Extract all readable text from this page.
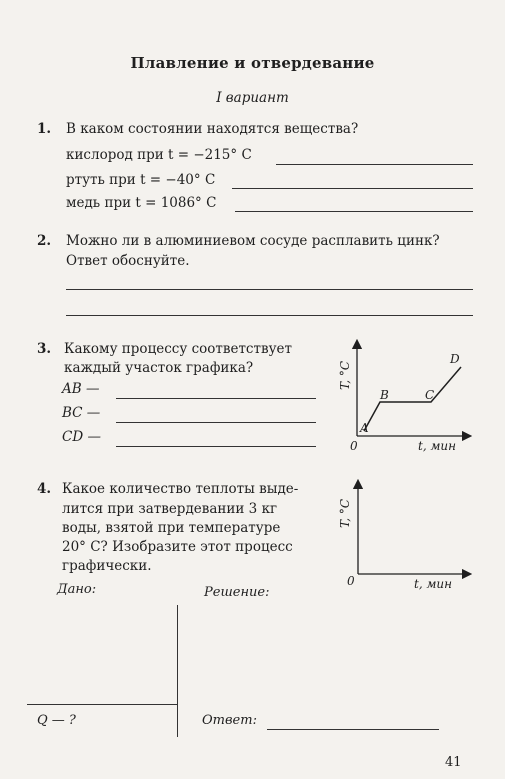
Плавление и отвердевание
I вариант
1. В каком состоянии находятся вещества?
кислород при t = −215° С
ртуть при t = −40° С
медь при t = 1086° С
2. Можно ли в алюминиевом сосуде расплавить цинк?
Ответ обоснуйте.
3. Какому процессу соответствует
каждый участок графика?
AB —
BC —
CD —
T, °C
t, мин
0
A
B	C
D
4. Какое количество теплоты выде-
лится при затвердевании 3 кг
воды, взятой при температуре
20° С? Изобразите этот процесс
графически.
T, °C
t, мин
0
Дано:	Решение:
Q — ?	Ответ:
41
